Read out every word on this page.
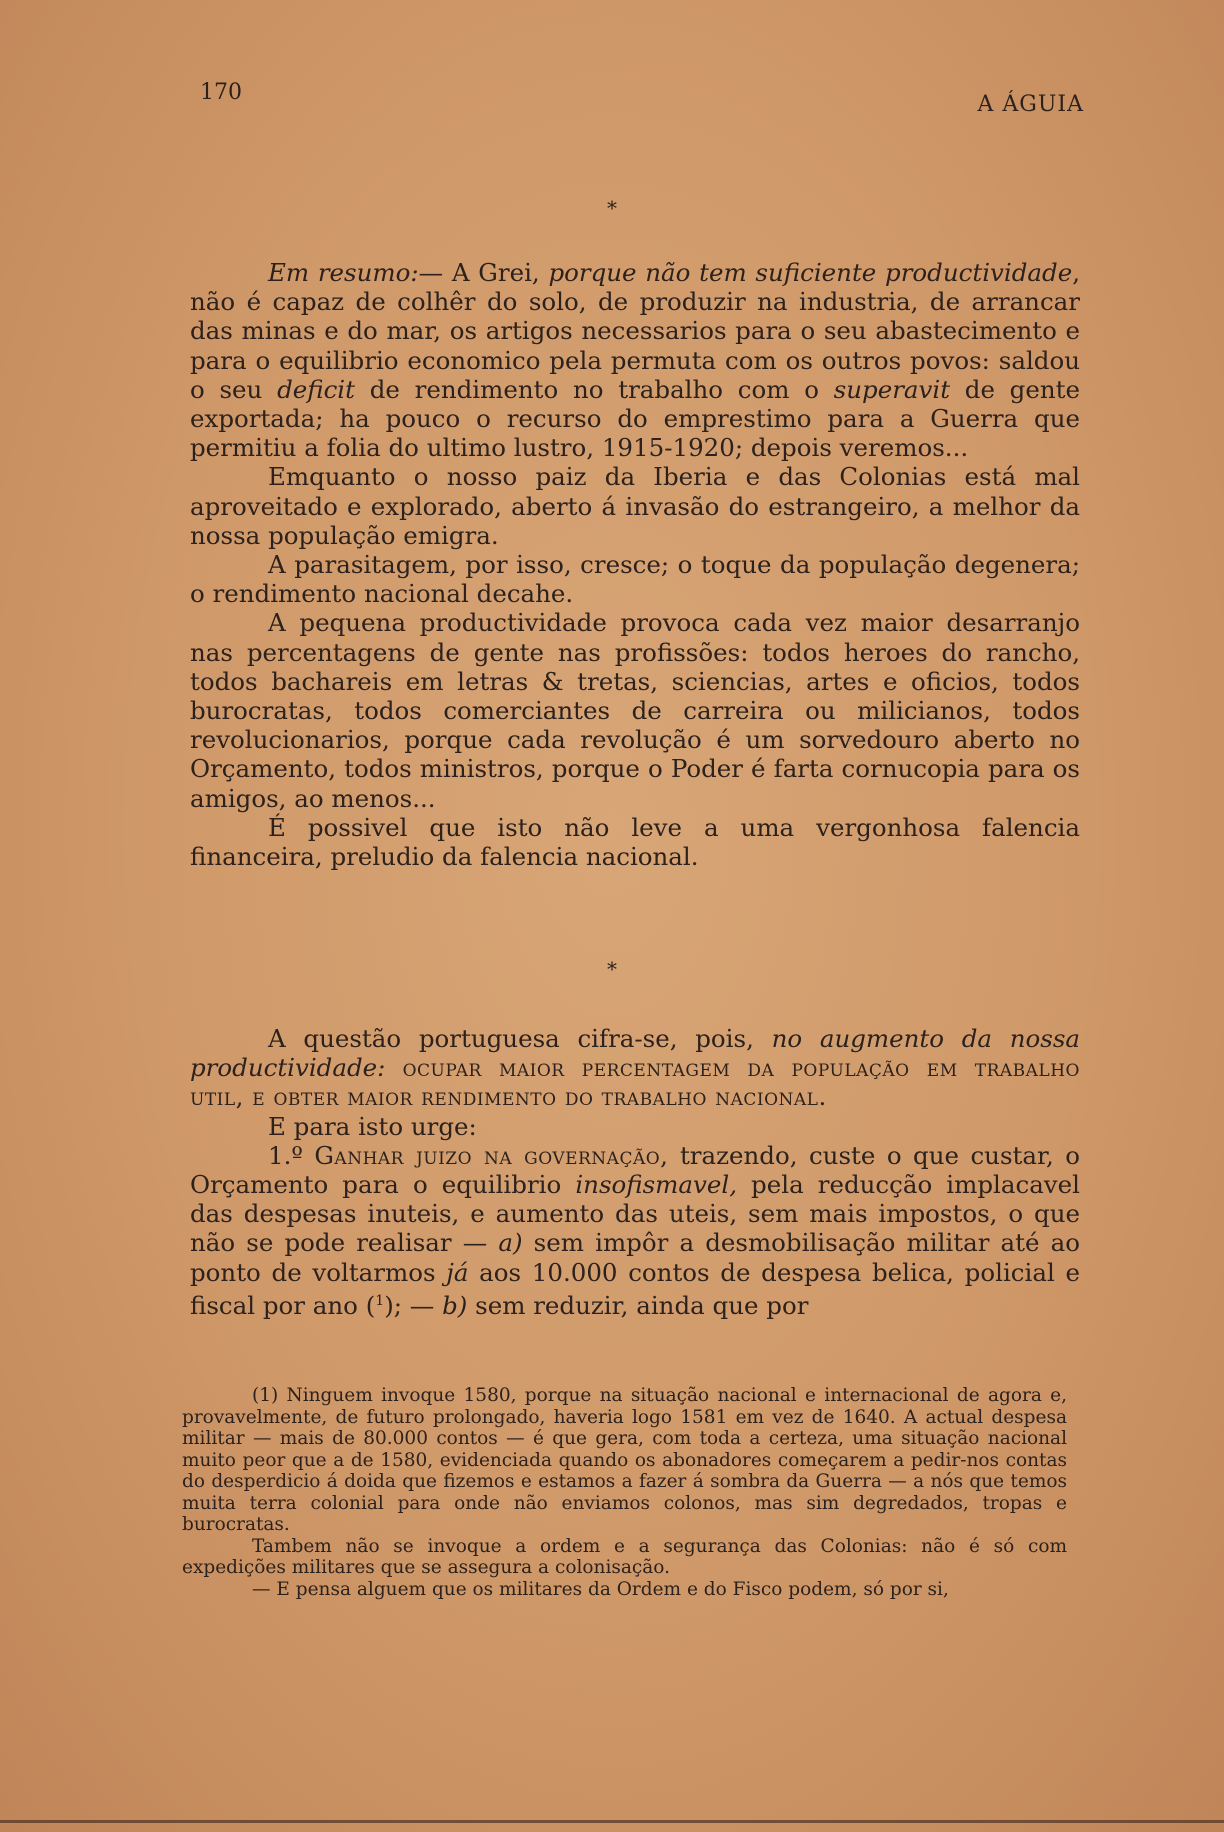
170	A ÁGUIA
*

Em resumo:— A Grei, porque não tem suficiente productividade, não é capaz de colhêr do solo, de produzir na industria, de arrancar das minas e do mar, os artigos necessarios para o seu abastecimento e para o equilibrio economico pela permuta com os outros povos: saldou o seu deficit de rendimento no trabalho com o superavit de gente exportada; ha pouco o recurso do emprestimo para a Guerra que permitiu a folia do ultimo lustro, 1915-1920; depois veremos...

Emquanto o nosso paiz da Iberia e das Colonias está mal aproveitado e explorado, aberto á invasão do estrangeiro, a melhor da nossa população emigra.

A parasitagem, por isso, cresce; o toque da população degenera; o rendimento nacional decahe.

A pequena productividade provoca cada vez maior desarranjo nas percentagens de gente nas profissões: todos heroes do rancho, todos bachareis em letras & tretas, sciencias, artes e oficios, todos burocratas, todos comerciantes de carreira ou milicianos, todos revolucionarios, porque cada revolução é um sorvedouro aberto no Orçamento, todos ministros, porque o Poder é farta cornucopia para os amigos, ao menos...

É possivel que isto não leve a uma vergonhosa falencia financeira, preludio da falencia nacional.

*

A questão portuguesa cifra-se, pois, no augmento da nossa productividade: ocupar maior percentagem da população em trabalho util, e obter maior rendimento do trabalho nacional.

E para isto urge:

1.º Ganhar juizo na governação, trazendo, custe o que custar, o Orçamento para o equilibrio insofismavel, pela reducção implacavel das despesas inuteis, e aumento das uteis, sem mais impostos, o que não se pode realisar — a) sem impôr a desmobilisação militar até ao ponto de voltarmos já aos 10.000 contos de despesa belica, policial e fiscal por ano ($^1$); — b) sem reduzir, ainda que por

(1) Ninguem invoque 1580, porque na situação nacional e internacional de agora e, provavelmente, de futuro prolongado, haveria logo 1581 em vez de 1640. A actual despesa militar — mais de 80.000 contos — é que gera, com toda a certeza, uma situação nacional muito peor que a de 1580, evidenciada quando os abonadores começarem a pedir-nos contas do desperdicio á doida que fizemos e estamos a fazer á sombra da Guerra — a nós que temos muita terra colonial para onde não enviamos colonos, mas sim degredados, tropas e burocratas.

Tambem não se invoque a ordem e a segurança das Colonias: não é só com expedições militares que se assegura a colonisação.

— E pensa alguem que os militares da Ordem e do Fisco podem, só por si,
